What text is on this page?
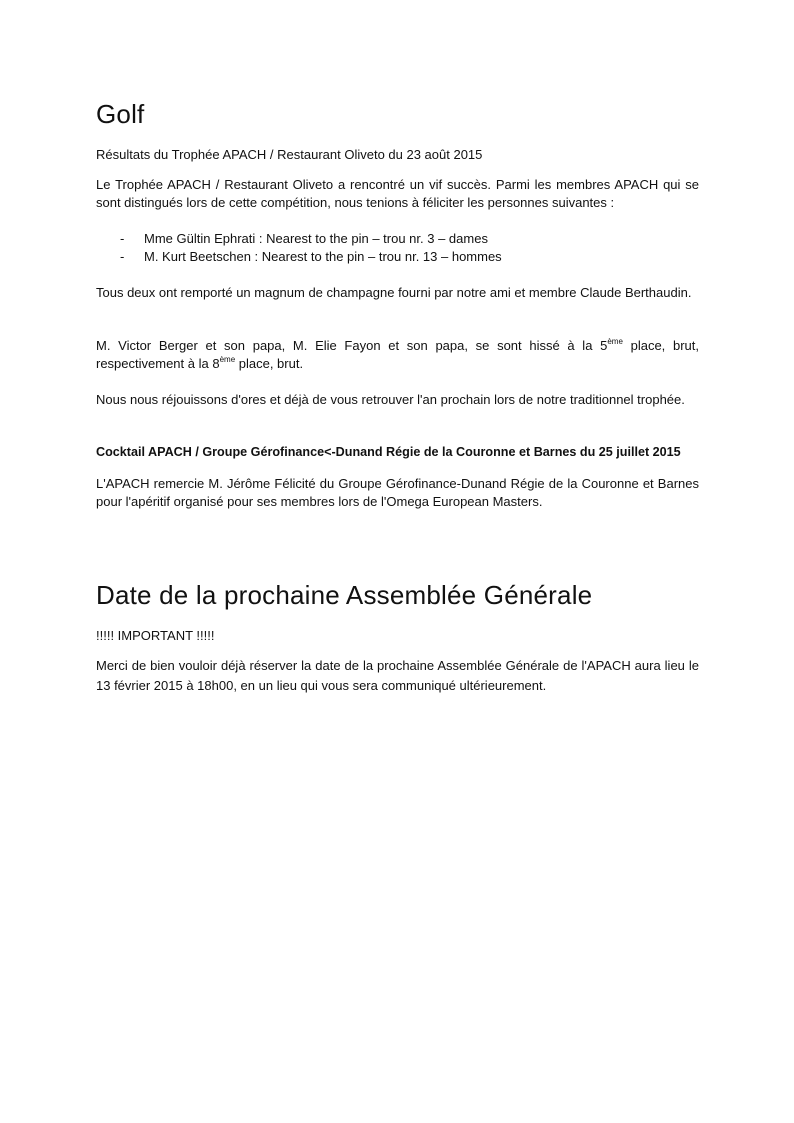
Golf

Résultats du Trophée APACH / Restaurant Oliveto du 23 août 2015

Le Trophée APACH / Restaurant Oliveto a rencontré un vif succès. Parmi les membres APACH qui se sont distingués lors de cette compétition, nous tenions à féliciter les personnes suivantes :

- Mme Gültin Ephrati : Nearest to the pin – trou nr. 3 – dames
- M. Kurt Beetschen : Nearest to the pin – trou nr. 13 – hommes

Tous deux ont remporté un magnum de champagne fourni par notre ami et membre Claude Berthaudin.

M. Victor Berger et son papa, M. Elie Fayon et son papa, se sont hissé à la 5ème place, brut, respectivement à la 8ème place, brut.

Nous nous réjouissons d'ores et déjà de vous retrouver l'an prochain lors de notre traditionnel trophée.

Cocktail APACH / Groupe Gérofinance<-Dunand Régie de la Couronne et Barnes du 25 juillet 2015

L'APACH remercie M. Jérôme Félicité du Groupe Gérofinance-Dunand Régie de la Couronne et Barnes pour l'apéritif organisé pour ses membres lors de l'Omega European Masters.

Date de la prochaine Assemblée Générale

!!!!! IMPORTANT !!!!!

Merci de bien vouloir déjà réserver la date de la prochaine Assemblée Générale de l'APACH aura lieu le 13 février 2015 à 18h00, en un lieu qui vous sera communiqué ultérieurement.
